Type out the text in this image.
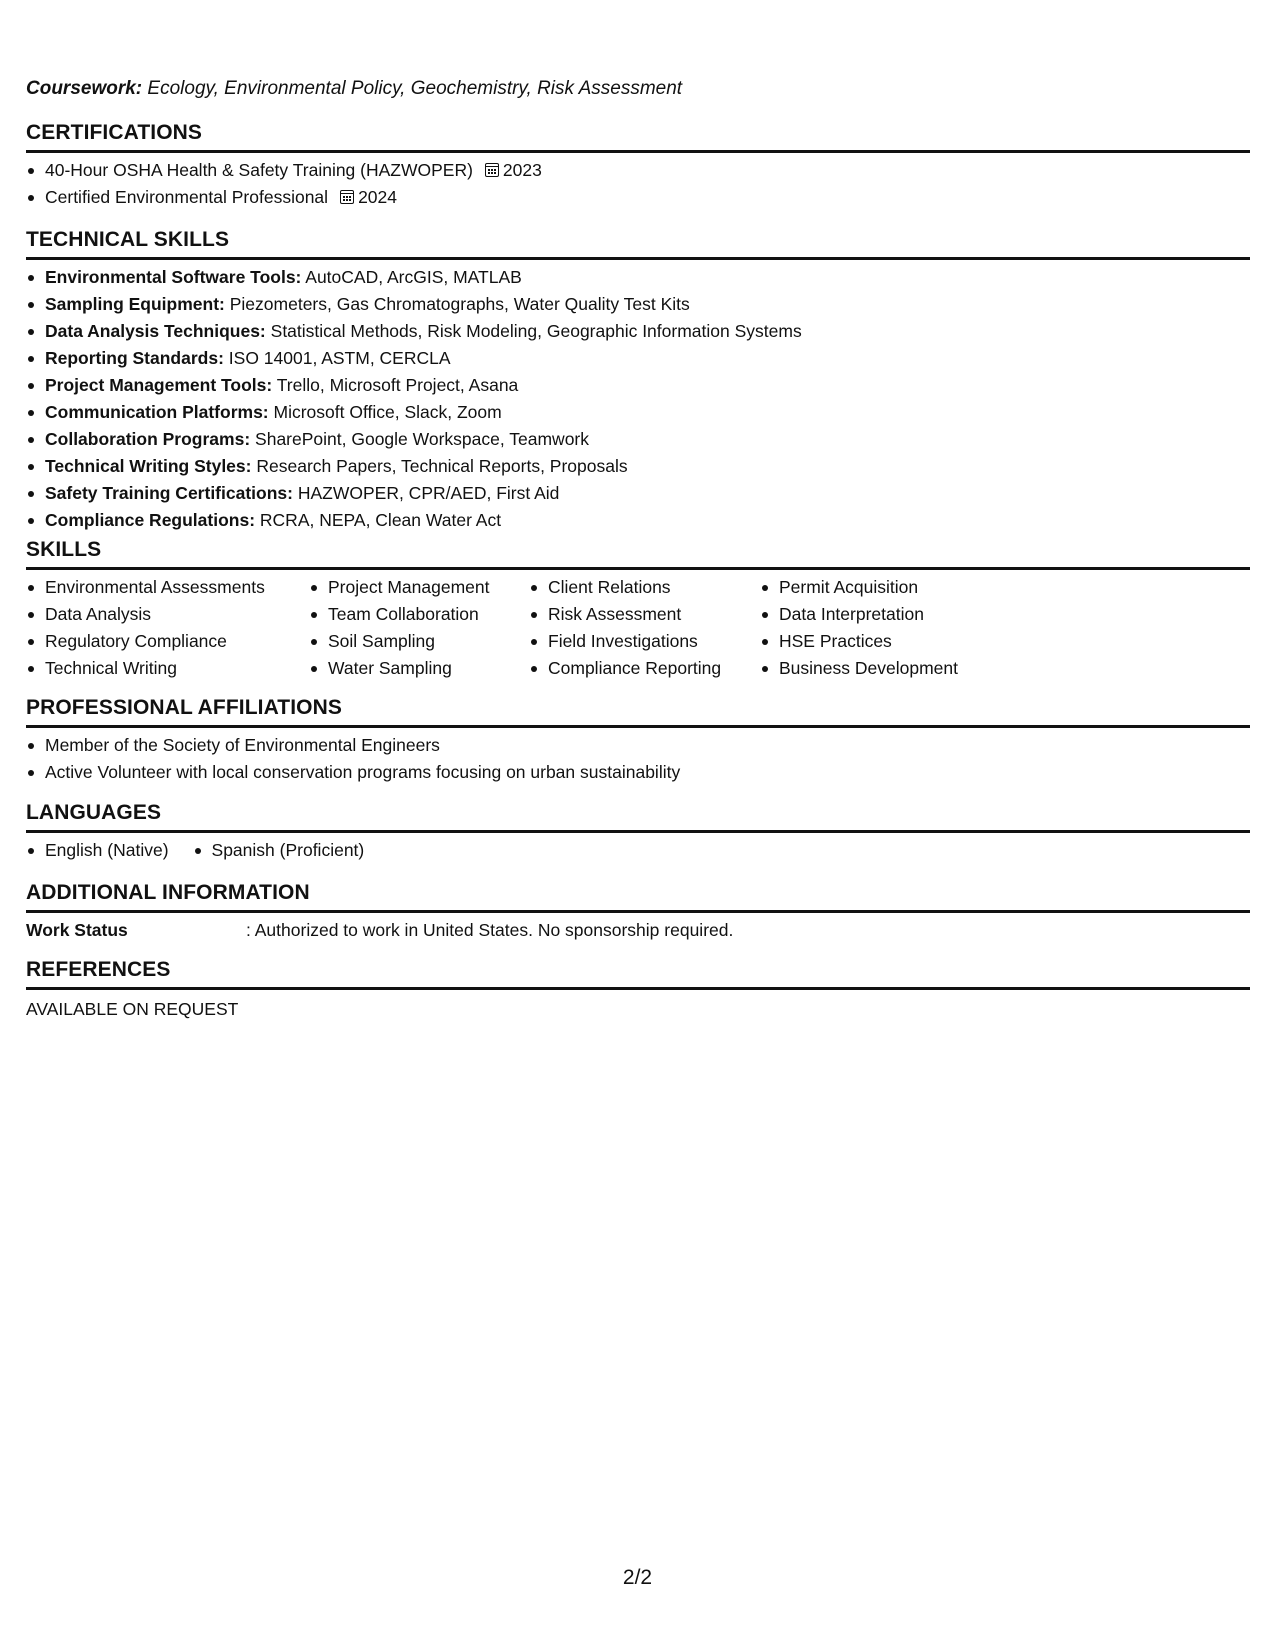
Coursework: Ecology, Environmental Policy, Geochemistry, Risk Assessment
CERTIFICATIONS
40-Hour OSHA Health & Safety Training (HAZWOPER) 2023
Certified Environmental Professional 2024
TECHNICAL SKILLS
Environmental Software Tools: AutoCAD, ArcGIS, MATLAB
Sampling Equipment: Piezometers, Gas Chromatographs, Water Quality Test Kits
Data Analysis Techniques: Statistical Methods, Risk Modeling, Geographic Information Systems
Reporting Standards: ISO 14001, ASTM, CERCLA
Project Management Tools: Trello, Microsoft Project, Asana
Communication Platforms: Microsoft Office, Slack, Zoom
Collaboration Programs: SharePoint, Google Workspace, Teamwork
Technical Writing Styles: Research Papers, Technical Reports, Proposals
Safety Training Certifications: HAZWOPER, CPR/AED, First Aid
Compliance Regulations: RCRA, NEPA, Clean Water Act
SKILLS
Environmental Assessments
Data Analysis
Regulatory Compliance
Technical Writing
Project Management
Team Collaboration
Soil Sampling
Water Sampling
Client Relations
Risk Assessment
Field Investigations
Compliance Reporting
Permit Acquisition
Data Interpretation
HSE Practices
Business Development
PROFESSIONAL AFFILIATIONS
Member of the Society of Environmental Engineers
Active Volunteer with local conservation programs focusing on urban sustainability
LANGUAGES
English (Native)	Spanish (Proficient)
ADDITIONAL INFORMATION
Work Status	: Authorized to work in United States. No sponsorship required.
REFERENCES
AVAILABLE ON REQUEST
2/2
